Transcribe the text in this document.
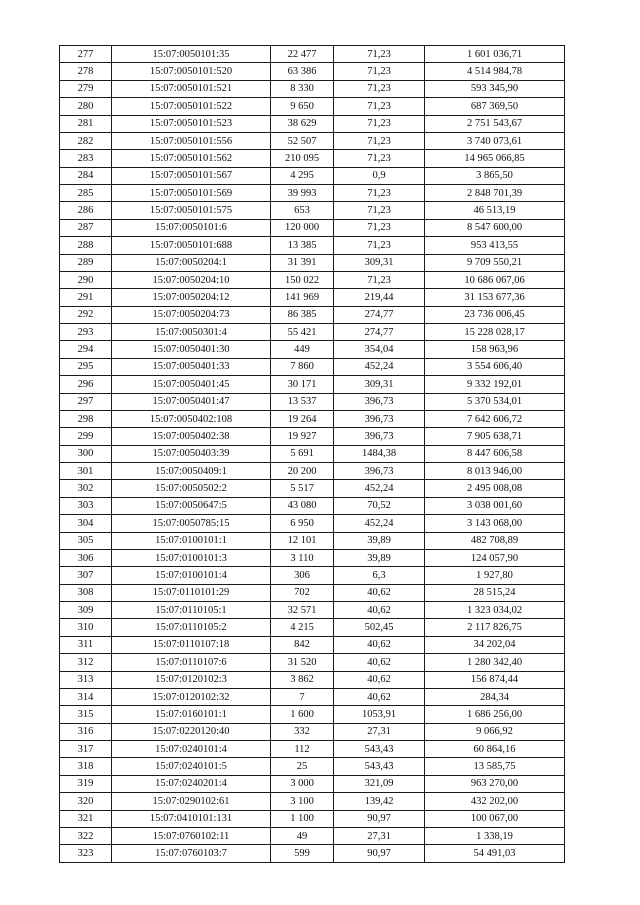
277	15:07:0050101:35	22 477	71,23	1 601 036,71
278	15:07:0050101:520	63 386	71,23	4 514 984,78
279	15:07:0050101:521	8 330	71,23	593 345,90
280	15:07:0050101:522	9 650	71,23	687 369,50
281	15:07:0050101:523	38 629	71,23	2 751 543,67
282	15:07:0050101:556	52 507	71,23	3 740 073,61
283	15:07:0050101:562	210 095	71,23	14 965 066,85
284	15:07:0050101:567	4 295	0,9	3 865,50
285	15:07:0050101:569	39 993	71,23	2 848 701,39
286	15:07:0050101:575	653	71,23	46 513,19
287	15:07:0050101:6	120 000	71,23	8 547 600,00
288	15:07:0050101:688	13 385	71,23	953 413,55
289	15:07:0050204:1	31 391	309,31	9 709 550,21
290	15:07:0050204:10	150 022	71,23	10 686 067,06
291	15:07:0050204:12	141 969	219,44	31 153 677,36
292	15:07:0050204:73	86 385	274,77	23 736 006,45
293	15:07:0050301:4	55 421	274,77	15 228 028,17
294	15:07:0050401:30	449	354,04	158 963,96
295	15:07:0050401:33	7 860	452,24	3 554 606,40
296	15:07:0050401:45	30 171	309,31	9 332 192,01
297	15:07:0050401:47	13 537	396,73	5 370 534,01
298	15:07:0050402:108	19 264	396,73	7 642 606,72
299	15:07:0050402:38	19 927	396,73	7 905 638,71
300	15:07:0050403:39	5 691	1484,38	8 447 606,58
301	15:07:0050409:1	20 200	396,73	8 013 946,00
302	15:07:0050502:2	5 517	452,24	2 495 008,08
303	15:07:0050647:5	43 080	70,52	3 038 001,60
304	15:07:0050785:15	6 950	452,24	3 143 068,00
305	15:07:0100101:1	12 101	39,89	482 708,89
306	15:07:0100101:3	3 110	39,89	124 057,90
307	15:07:0100101:4	306	6,3	1 927,80
308	15:07:0110101:29	702	40,62	28 515,24
309	15:07:0110105:1	32 571	40,62	1 323 034,02
310	15:07:0110105:2	4 215	502,45	2 117 826,75
311	15:07:0110107:18	842	40,62	34 202,04
312	15:07:0110107:6	31 520	40,62	1 280 342,40
313	15:07:0120102:3	3 862	40,62	156 874,44
314	15:07:0120102:32	7	40,62	284,34
315	15:07:0160101:1	1 600	1053,91	1 686 256,00
316	15:07:0220120:40	332	27,31	9 066,92
317	15:07:0240101:4	112	543,43	60 864,16
318	15:07:0240101:5	25	543,43	13 585,75
319	15:07:0240201:4	3 000	321,09	963 270,00
320	15:07:0290102:61	3 100	139,42	432 202,00
321	15:07:0410101:131	1 100	90,97	100 067,00
322	15:07:0760102:11	49	27,31	1 338,19
323	15:07:0760103:7	599	90,97	54 491,03
